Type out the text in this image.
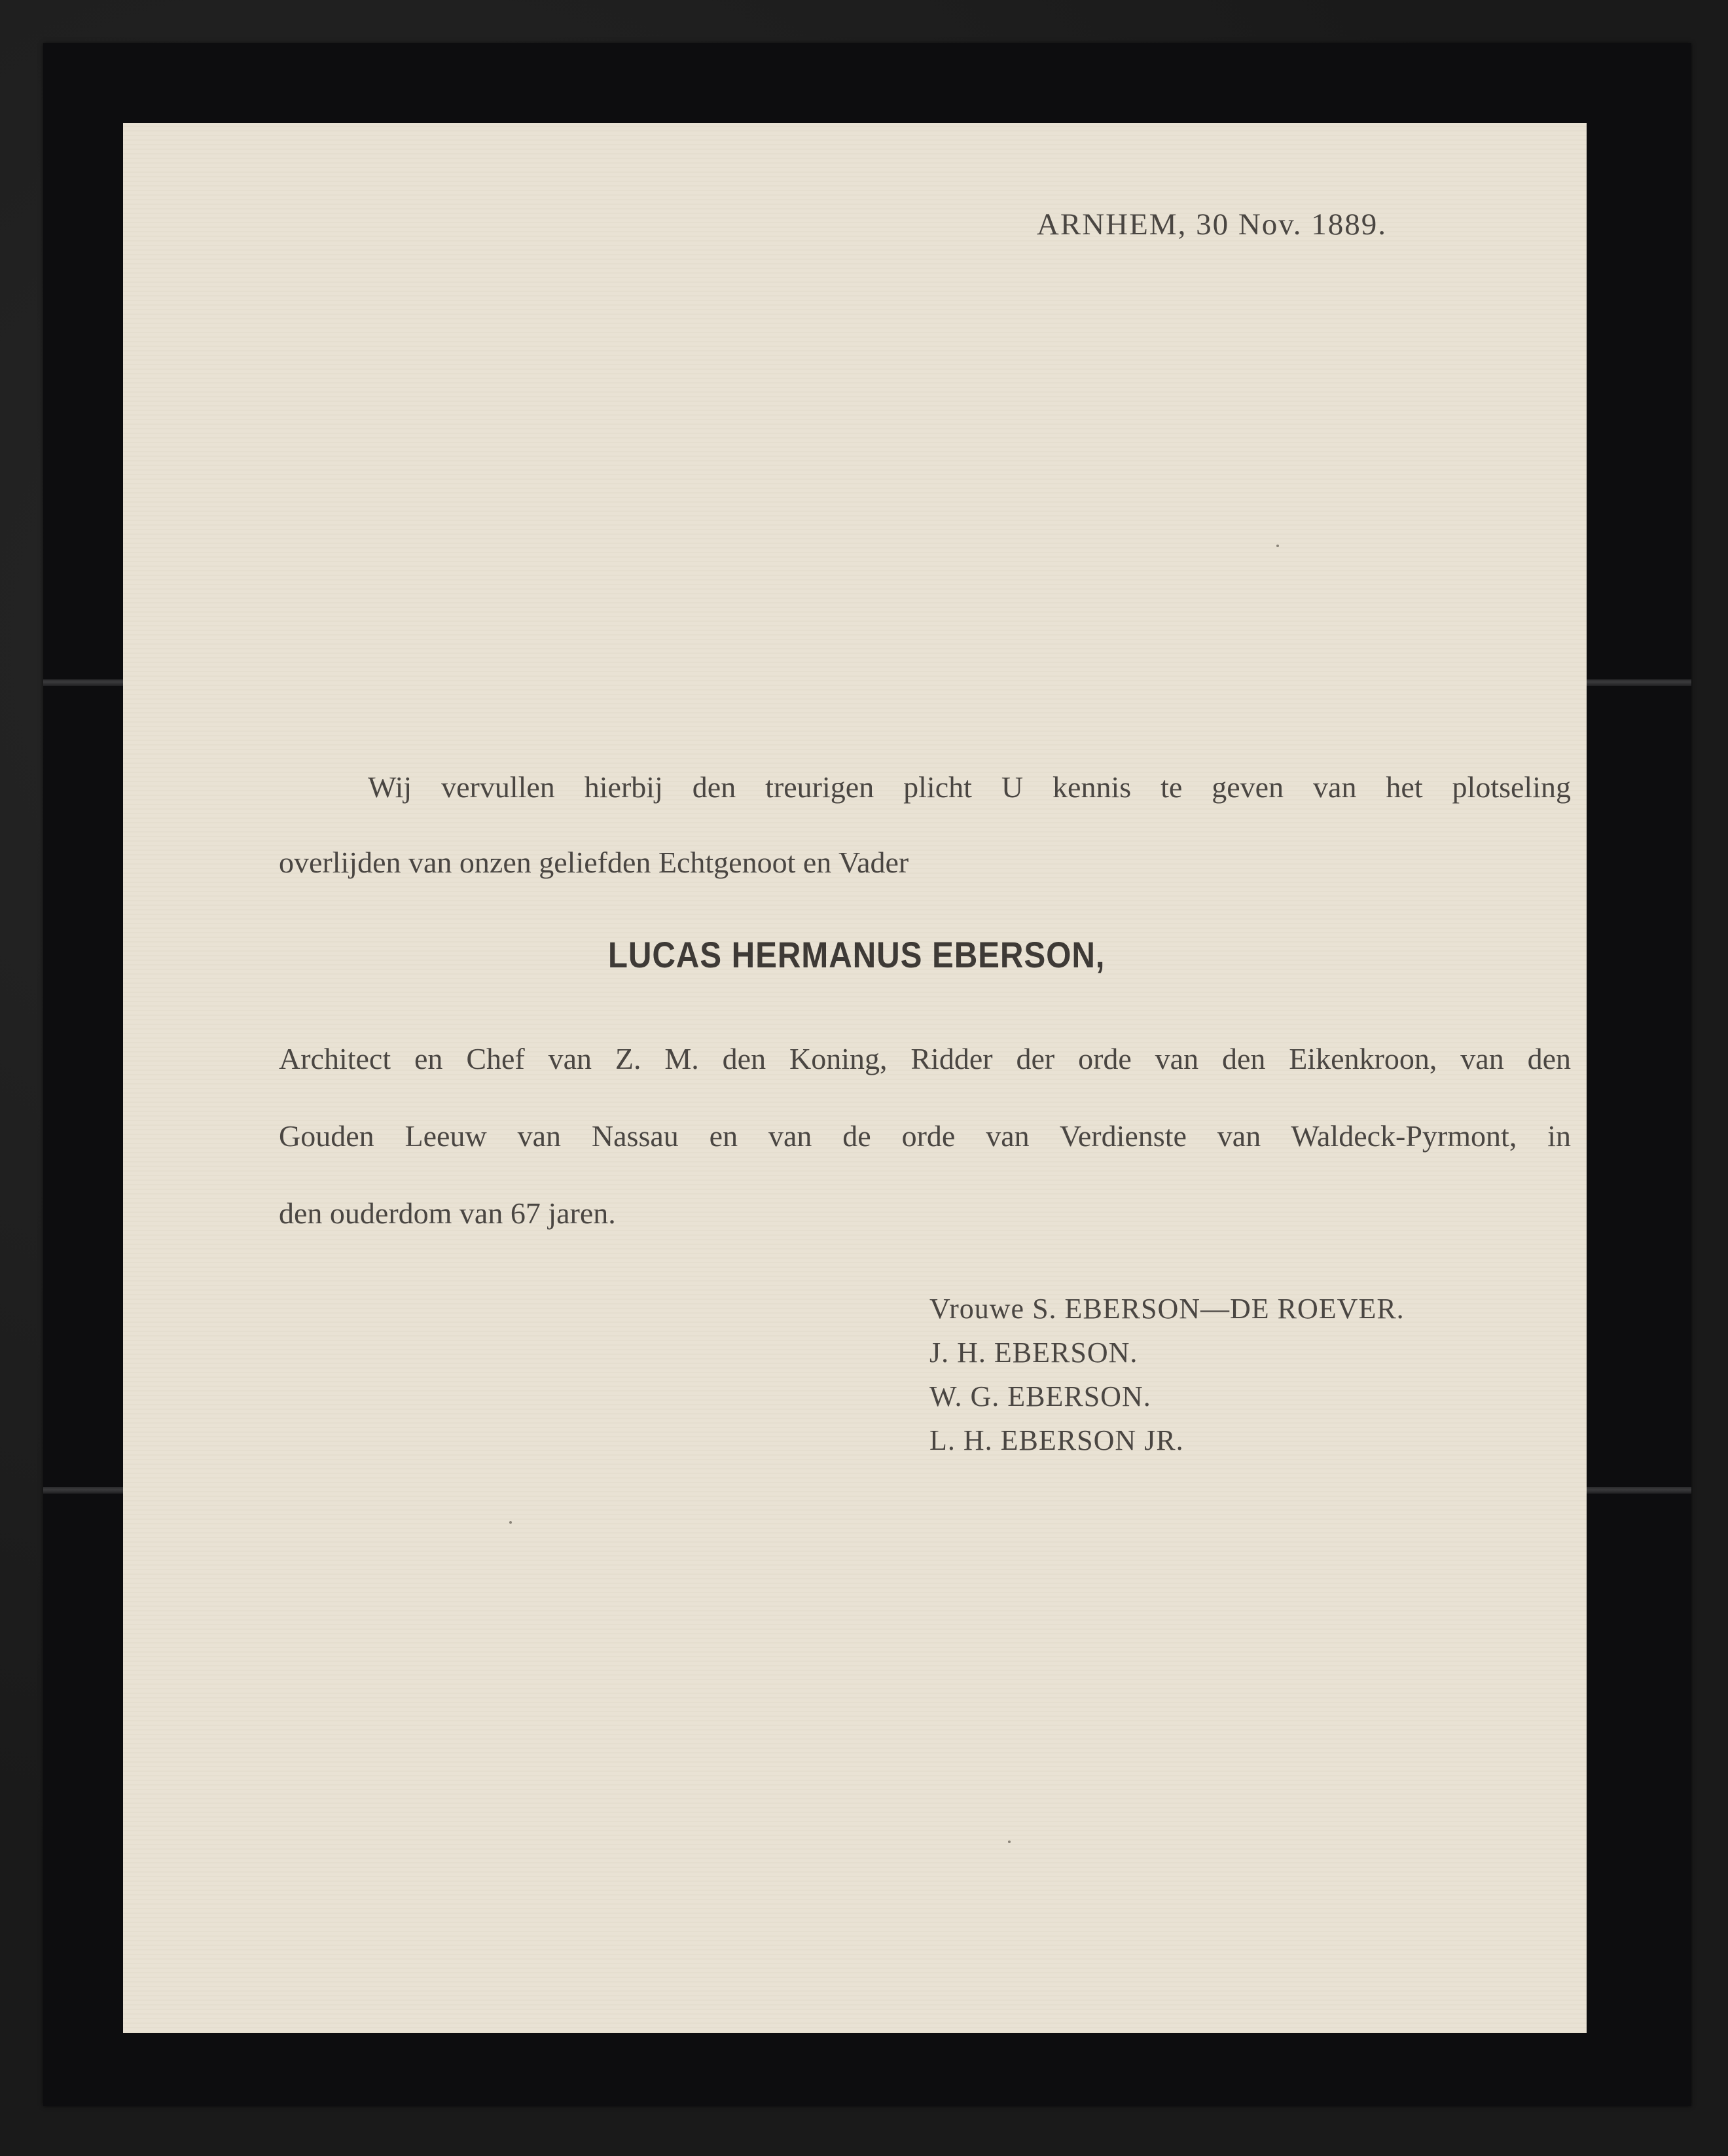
ARNHEM, 30 Nov. 1889.
Wij vervullen hierbij den treurigen plicht U kennis te geven van het plotseling
overlijden van onzen geliefden Echtgenoot en Vader
LUCAS HERMANUS EBERSON,
Architect en Chef van Z. M. den Koning, Ridder der orde van den Eikenkroon, van den
Gouden Leeuw van Nassau en van de orde van Verdienste van Waldeck-Pyrmont, in
den ouderdom van 67 jaren.
Vrouwe S. EBERSON—DE ROEVER.
J. H. EBERSON.
W. G. EBERSON.
L. H. EBERSON JR.
